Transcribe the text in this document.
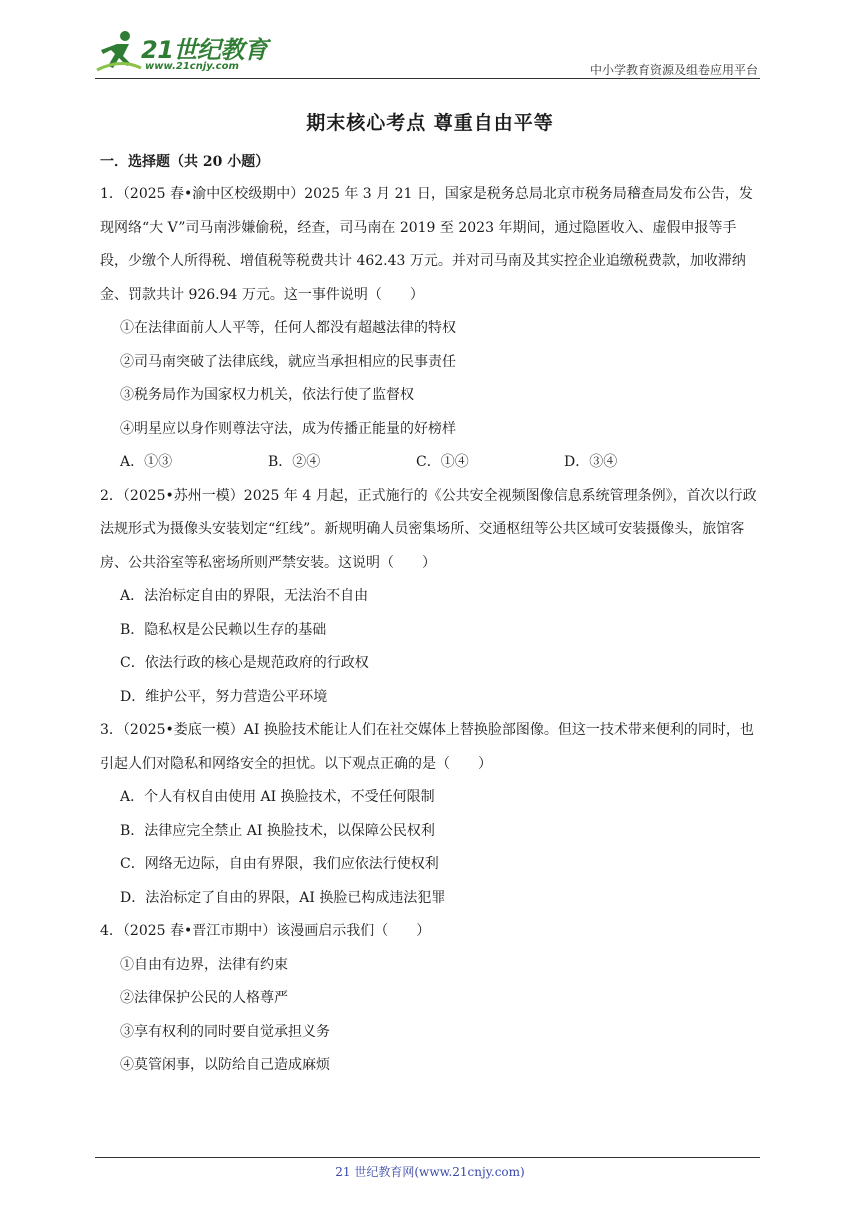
21世纪教育
www.21cnjy.com	中小学教育资源及组卷应用平台
期末核心考点 尊重自由平等
一．选择题（共 20 小题）

1．（2025 春•渝中区校级期中）2025 年 3 月 21 日，国家是税务总局北京市税务局稽查局发布公告，发现网络“大 V”司马南涉嫌偷税，经查，司马南在 2019 至 2023 年期间，通过隐匿收入、虚假申报等手段，少缴个人所得税、增值税等税费共计 462.43 万元。并对司马南及其实控企业追缴税费款，加收滞纳金、罚款共计 926.94 万元。这一事件说明（　　）

①在法律面前人人平等，任何人都没有超越法律的特权

②司马南突破了法律底线，就应当承担相应的民事责任

③税务局作为国家权力机关，依法行使了监督权

④明星应以身作则尊法守法，成为传播正能量的好榜样

A．①③	B．②④	C．①④	D．③④

2．（2025•苏州一模）2025 年 4 月起，正式施行的《公共安全视频图像信息系统管理条例》，首次以行政法规形式为摄像头安装划定“红线”。新规明确人员密集场所、交通枢纽等公共区域可安装摄像头，旅馆客房、公共浴室等私密场所则严禁安装。这说明（　　）

A．法治标定自由的界限，无法治不自由

B．隐私权是公民赖以生存的基础

C．依法行政的核心是规范政府的行政权

D．维护公平，努力营造公平环境

3．（2025•娄底一模）AI 换脸技术能让人们在社交媒体上替换脸部图像。但这一技术带来便利的同时，也引起人们对隐私和网络安全的担忧。以下观点正确的是（　　）

A．个人有权自由使用 AI 换脸技术，不受任何限制

B．法律应完全禁止 AI 换脸技术，以保障公民权利

C．网络无边际，自由有界限，我们应依法行使权利

D．法治标定了自由的界限，AI 换脸已构成违法犯罪

4．（2025 春•晋江市期中）该漫画启示我们（　　）

①自由有边界，法律有约束

②法律保护公民的人格尊严

③享有权利的同时要自觉承担义务

④莫管闲事，以防给自己造成麻烦

21 世纪教育网(www.21cnjy.com)
